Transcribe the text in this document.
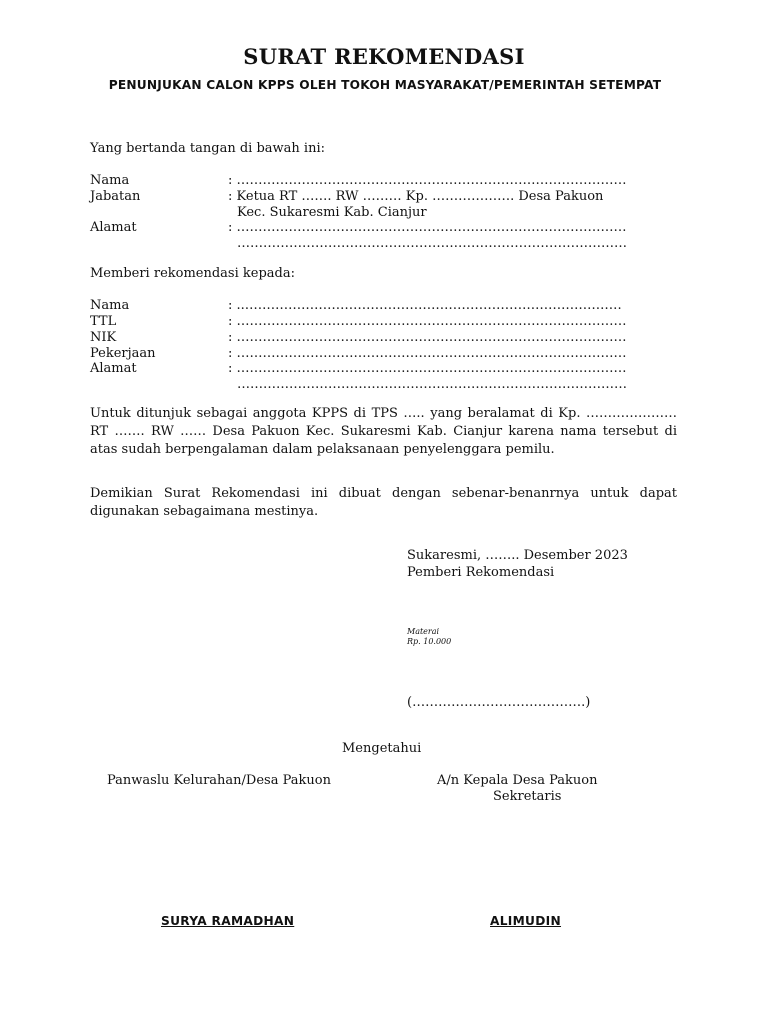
SURAT REKOMENDASI
PENUNJUKAN CALON KPPS OLEH TOKOH MASYARAKAT/PEMERINTAH SETEMPAT
Yang bertanda tangan di bawah ini:
Nama	: ………………………………………………………………………………
Jabatan	: Ketua RT ……. RW ……… Kp. ………………. Desa Pakuon
Kec. Sukaresmi Kab. Cianjur
Alamat	: ………………………………………………………………………………
………………………………………………………………………………
Memberi rekomendasi kepada:
Nama	: ..……………………………………………………………………………
TTL	: ………………………………………………………………………………
NIK	: ………………………………………………………………………………
Pekerjaan	: ………………………………………………………………………………
Alamat	: ………………………………………………………………………………
………………………………………………………………………………
Untuk ditunjuk sebagai anggota KPPS di TPS ….. yang beralamat di Kp. ………………… RT ……. RW …… Desa Pakuon Kec. Sukaresmi Kab. Cianjur karena nama tersebut di atas sudah berpengalaman dalam pelaksanaan penyelenggara pemilu.
Demikian Surat Rekomendasi ini dibuat dengan sebenar-benanrnya untuk dapat digunakan sebagaimana mestinya.
Sukaresmi, …….. Desember 2023
Pemberi Rekomendasi
Materai
Rp. 10.000
(………………………………….)
Mengetahui
Panwaslu Kelurahan/Desa Pakuon	A/n Kepala Desa Pakuon
Sekretaris
SURYA RAMADHAN	ALIMUDIN
